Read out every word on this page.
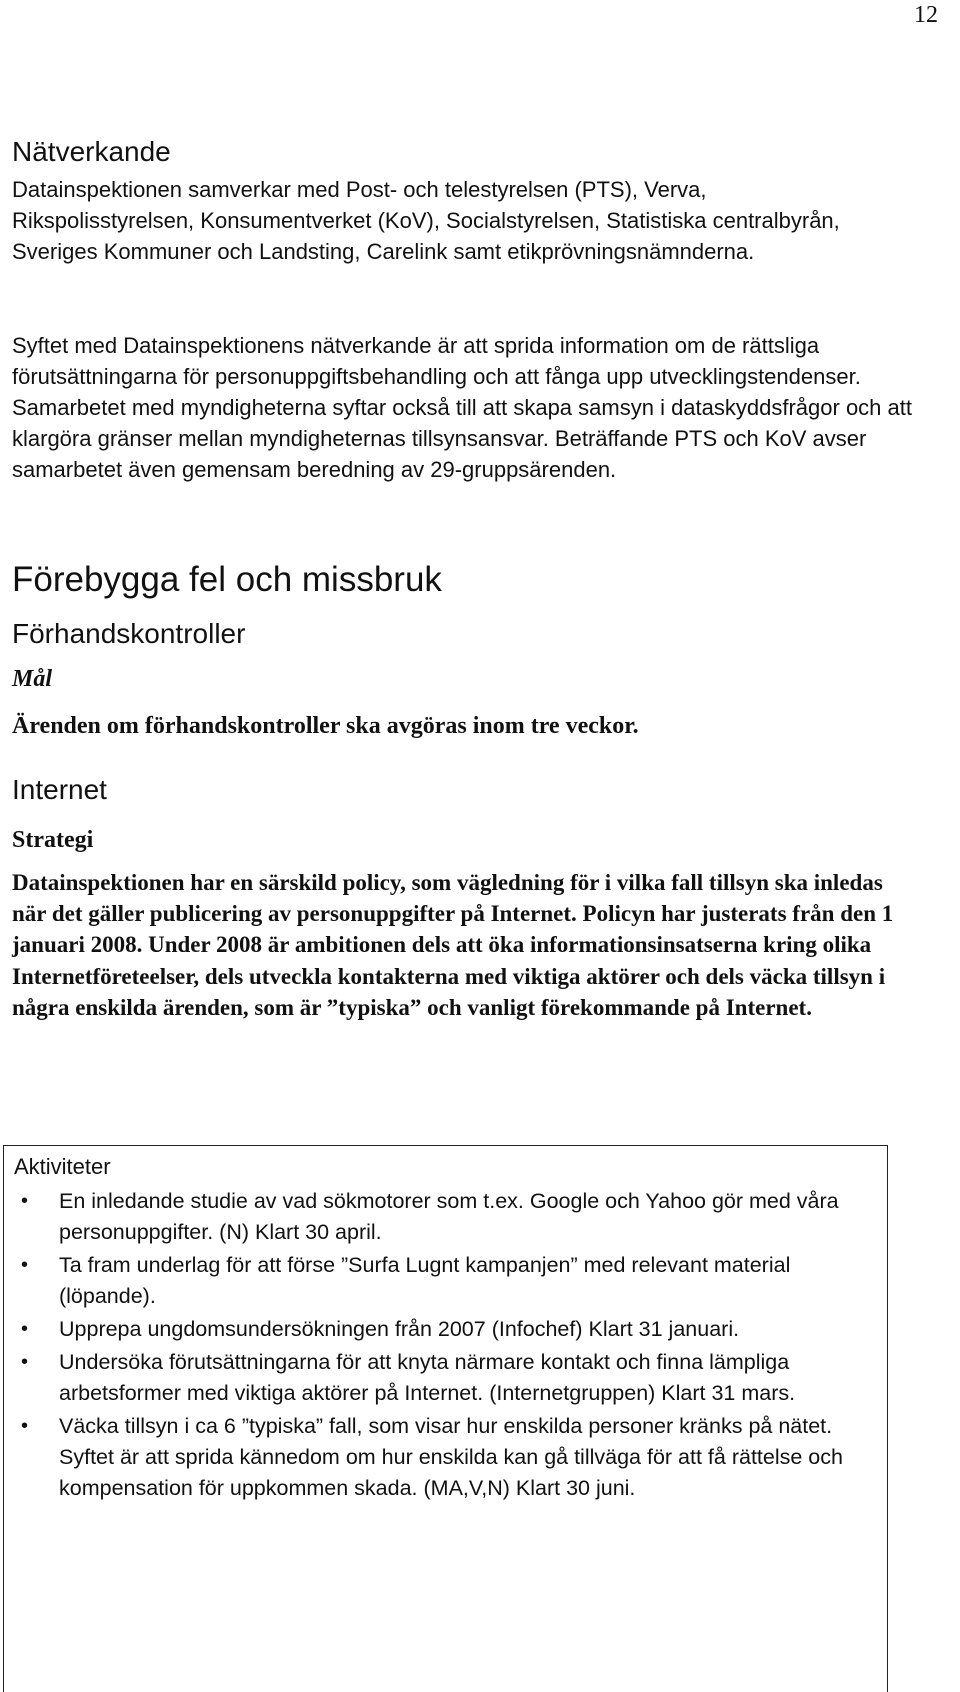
12
Nätverkande

Datainspektionen samverkar med Post- och telestyrelsen (PTS), Verva, Rikspolisstyrelsen, Konsumentverket (KoV), Socialstyrelsen, Statistiska centralbyrån, Sveriges Kommuner och Landsting, Carelink samt etikprövningsnämnderna.

Syftet med Datainspektionens nätverkande är att sprida information om de rättsliga förutsättningarna för personuppgiftsbehandling och att fånga upp utvecklingstendenser. Samarbetet med myndigheterna syftar också till att skapa samsyn i dataskyddsfrågor och att klargöra gränser mellan myndigheternas tillsynsansvar. Beträffande PTS och KoV avser samarbetet även gemensam beredning av 29-gruppsärenden.

Förebygga fel och missbruk
Förhandskontroller
Mål

Ärenden om förhandskontroller ska avgöras inom tre veckor.

Internet
Strategi

Datainspektionen har en särskild policy, som vägledning för i vilka fall tillsyn ska inledas när det gäller publicering av personuppgifter på Internet. Policyn har justerats från den 1 januari 2008. Under 2008 är ambitionen dels att öka informationsinsatserna kring olika Internetföreteelser, dels utveckla kontakterna med viktiga aktörer och dels väcka tillsyn i några enskilda ärenden, som är ”typiska” och vanligt förekommande på Internet.

Aktiviteter
• En inledande studie av vad sökmotorer som t.ex. Google och Yahoo gör med våra personuppgifter. (N) Klart 30 april.
• Ta fram underlag för att förse ”Surfa Lugnt kampanjen” med relevant material (löpande).
• Upprepa ungdomsundersökningen från 2007 (Infochef) Klart 31 januari.
• Undersöka förutsättningarna för att knyta närmare kontakt och finna lämpliga arbetsformer med viktiga aktörer på Internet. (Internetgruppen) Klart 31 mars.
• Väcka tillsyn i ca 6 ”typiska” fall, som visar hur enskilda personer kränks på nätet. Syftet är att sprida kännedom om hur enskilda kan gå tillväga för att få rättelse och kompensation för uppkommen skada. (MA,V,N) Klart 30 juni.
